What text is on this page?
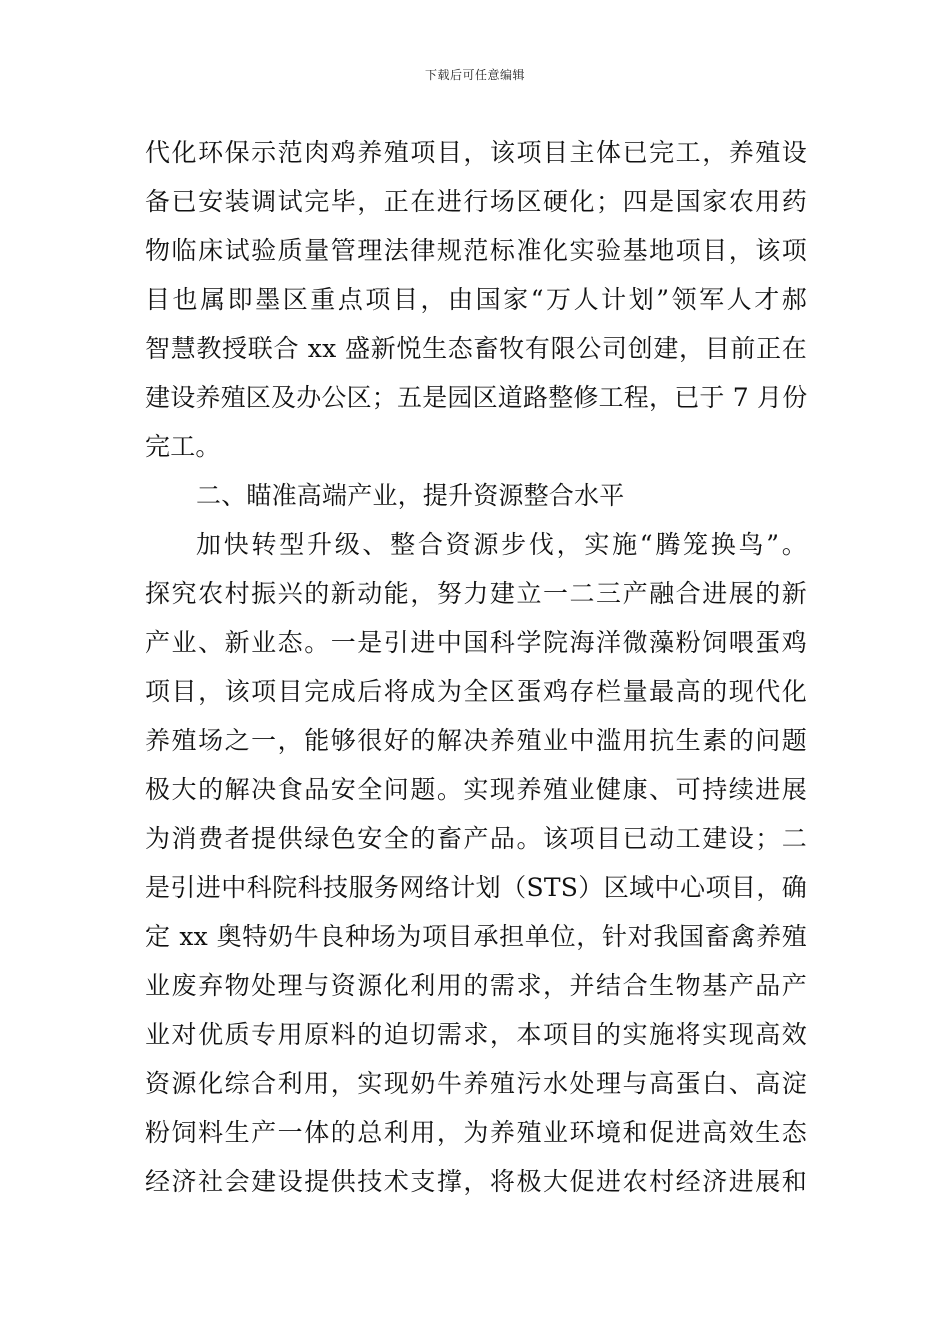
下载后可任意编辑
代化环保示范肉鸡养殖项目，该项目主体已完工，养殖设
备已安装调试完毕，正在进行场区硬化；四是国家农用药
物临床试验质量管理法律规范标准化实验基地项目，该项
目也属即墨区重点项目，由国家“万人计划”领军人才郝
智慧教授联合 xx 盛新悦生态畜牧有限公司创建，目前正在
建设养殖区及办公区；五是园区道路整修工程，已于 7 月份
完工。
二、瞄准高端产业，提升资源整合水平
加快转型升级、整合资源步伐，实施“腾笼换鸟”。
探究农村振兴的新动能，努力建立一二三产融合进展的新
产业、新业态。一是引进中国科学院海洋微藻粉饲喂蛋鸡
项目，该项目完成后将成为全区蛋鸡存栏量最高的现代化
养殖场之一，能够很好的解决养殖业中滥用抗生素的问题
极大的解决食品安全问题。实现养殖业健康、可持续进展
为消费者提供绿色安全的畜产品。该项目已动工建设；二
是引进中科院科技服务网络计划（STS）区域中心项目，确
定 xx 奥特奶牛良种场为项目承担单位，针对我国畜禽养殖
业废弃物处理与资源化利用的需求，并结合生物基产品产
业对优质专用原料的迫切需求，本项目的实施将实现高效
资源化综合利用，实现奶牛养殖污水处理与高蛋白、高淀
粉饲料生产一体的总利用，为养殖业环境和促进高效生态
经济社会建设提供技术支撑，将极大促进农村经济进展和
